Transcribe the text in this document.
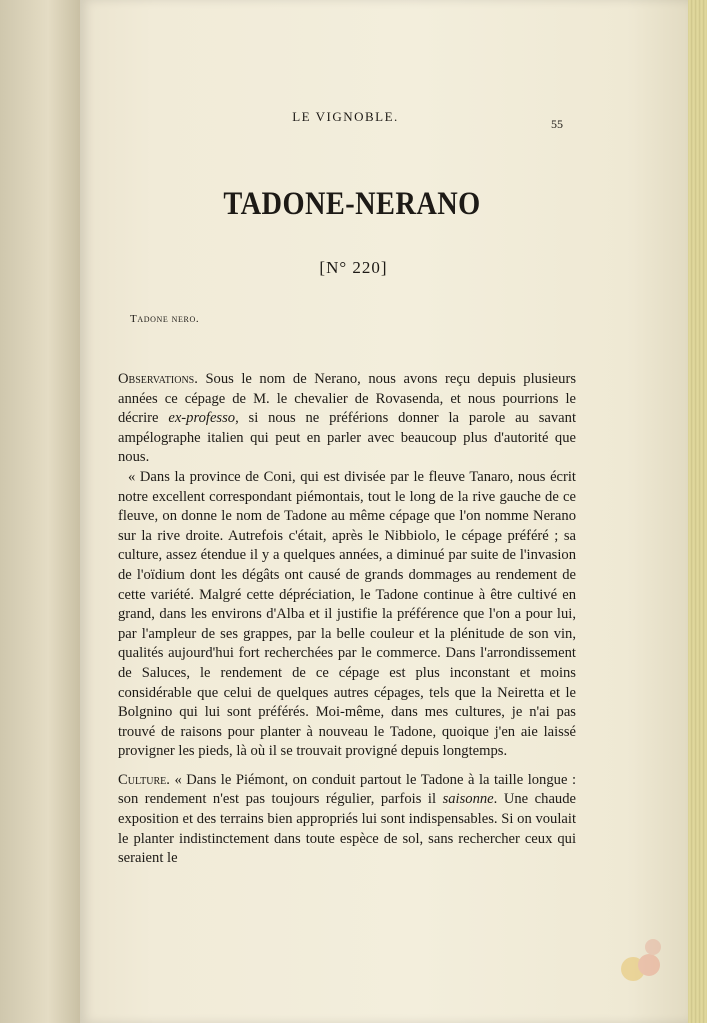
LE VIGNOBLE.	55
TADONE-NERANO
[N° 220]
Tadone nero.

Observations. Sous le nom de Nerano, nous avons reçu depuis plusieurs années ce cépage de M. le chevalier de Rovasenda, et nous pourrions le décrire ex-professo, si nous ne préférions donner la parole au savant ampélographe italien qui peut en parler avec beaucoup plus d'autorité que nous.

« Dans la province de Coni, qui est divisée par le fleuve Tanaro, nous écrit notre excellent correspondant piémontais, tout le long de la rive gauche de ce fleuve, on donne le nom de Tadone au même cépage que l'on nomme Nerano sur la rive droite. Autrefois c'était, après le Nibbiolo, le cépage préféré ; sa culture, assez étendue il y a quelques années, a diminué par suite de l'invasion de l'oïdium dont les dégâts ont causé de grands dommages au rendement de cette variété. Malgré cette dépréciation, le Tadone continue à être cultivé en grand, dans les environs d'Alba et il justifie la préférence que l'on a pour lui, par l'ampleur de ses grappes, par la belle couleur et la plénitude de son vin, qualités aujourd'hui fort recherchées par le commerce. Dans l'arrondissement de Saluces, le rendement de ce cépage est plus inconstant et moins considérable que celui de quelques autres cépages, tels que la Neiretta et le Bolgnino qui lui sont préférés. Moi-même, dans mes cultures, je n'ai pas trouvé de raisons pour planter à nouveau le Tadone, quoique j'en aie laissé provigner les pieds, là où il se trouvait provigné depuis longtemps.

Culture. « Dans le Piémont, on conduit partout le Tadone à la taille longue : son rendement n'est pas toujours régulier, parfois il saisonne. Une chaude exposition et des terrains bien appropriés lui sont indispensables. Si on voulait le planter indistinctement dans toute espèce de sol, sans rechercher ceux qui seraient le
